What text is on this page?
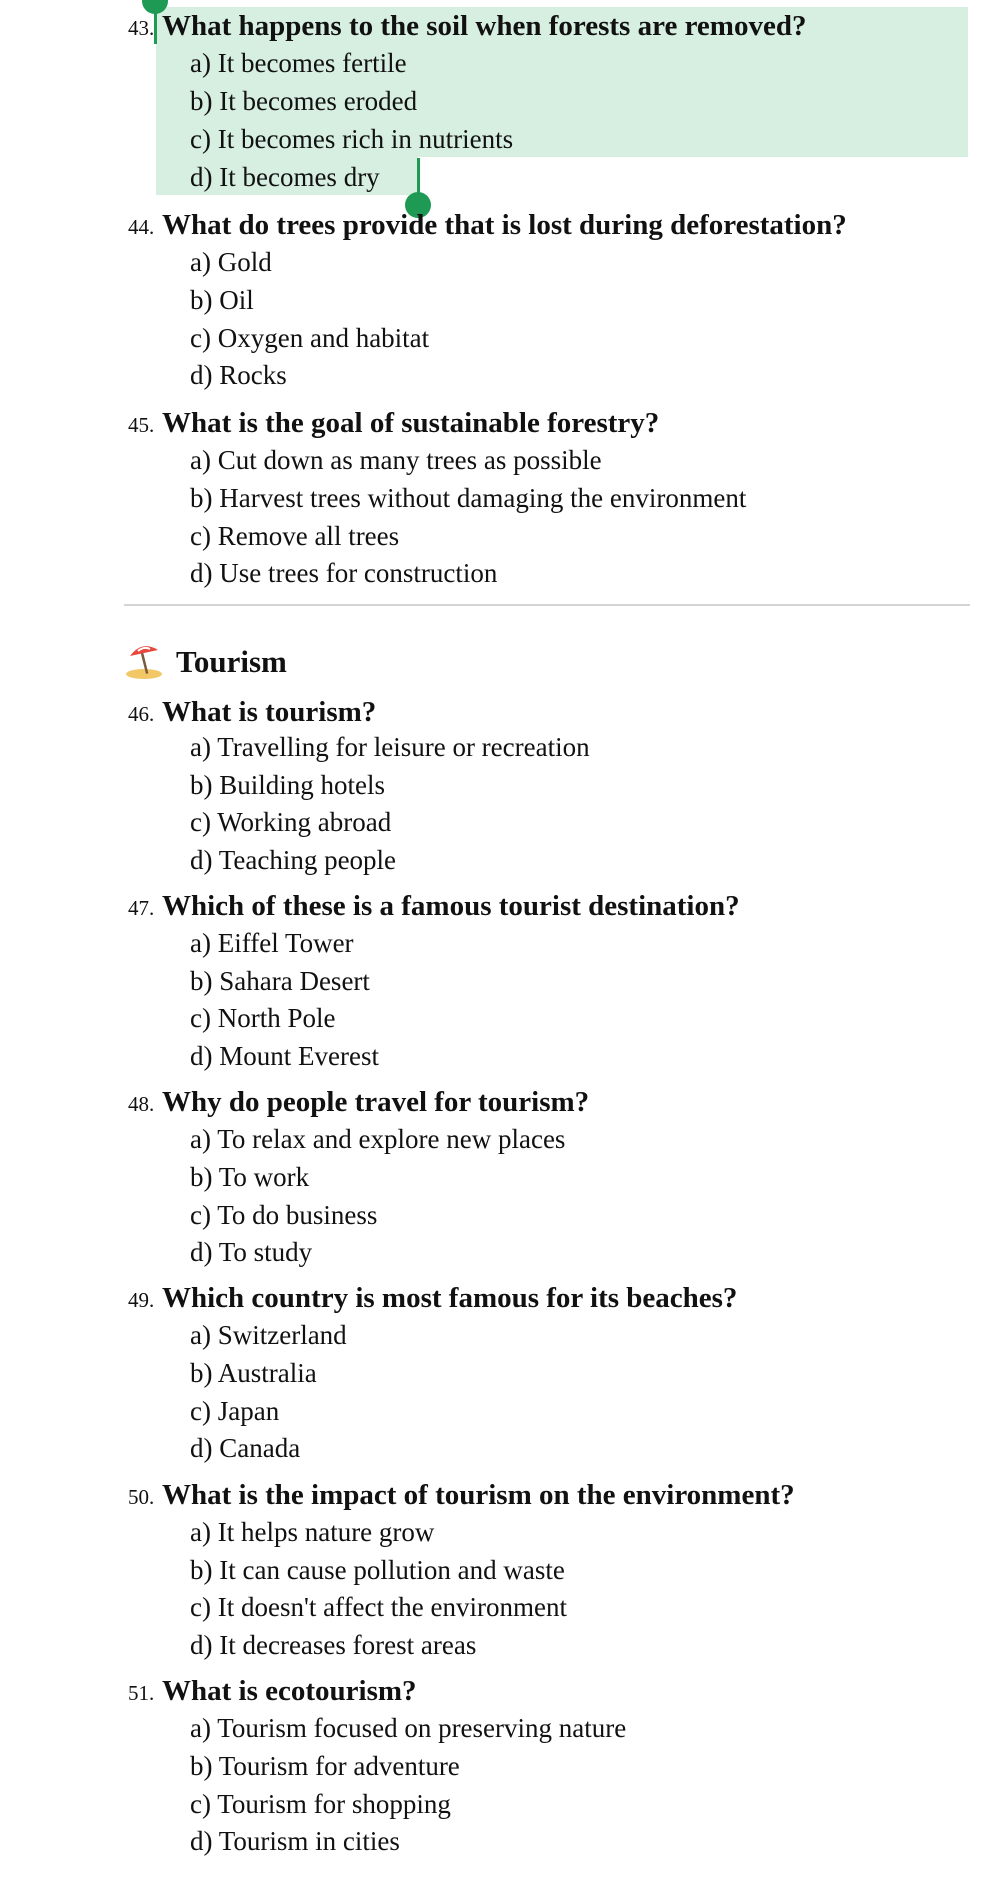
43. What happens to the soil when forests are removed?
a) It becomes fertile
b) It becomes eroded
c) It becomes rich in nutrients
d) It becomes dry
44. What do trees provide that is lost during deforestation?
a) Gold
b) Oil
c) Oxygen and habitat
d) Rocks
45. What is the goal of sustainable forestry?
a) Cut down as many trees as possible
b) Harvest trees without damaging the environment
c) Remove all trees
d) Use trees for construction
Tourism
46. What is tourism?
a) Travelling for leisure or recreation
b) Building hotels
c) Working abroad
d) Teaching people
47. Which of these is a famous tourist destination?
a) Eiffel Tower
b) Sahara Desert
c) North Pole
d) Mount Everest
48. Why do people travel for tourism?
a) To relax and explore new places
b) To work
c) To do business
d) To study
49. Which country is most famous for its beaches?
a) Switzerland
b) Australia
c) Japan
d) Canada
50. What is the impact of tourism on the environment?
a) It helps nature grow
b) It can cause pollution and waste
c) It doesn't affect the environment
d) It decreases forest areas
51. What is ecotourism?
a) Tourism focused on preserving nature
b) Tourism for adventure
c) Tourism for shopping
d) Tourism in cities
